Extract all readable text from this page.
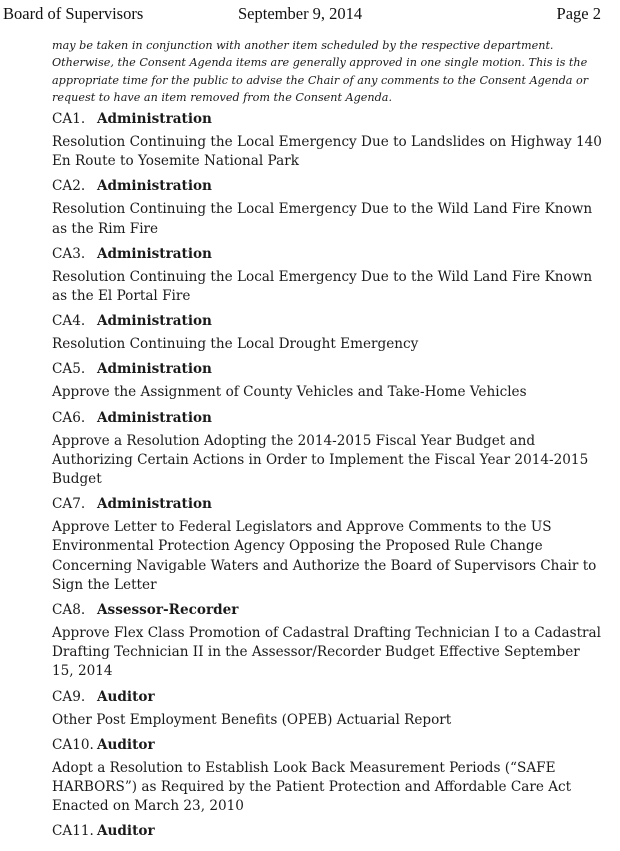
Board of Supervisors	September 9, 2014	Page 2
may be taken in conjunction with another item scheduled by the respective department. Otherwise, the Consent Agenda items are generally approved in one single motion. This is the appropriate time for the public to advise the Chair of any comments to the Consent Agenda or request to have an item removed from the Consent Agenda.
CA1. Administration
Resolution Continuing the Local Emergency Due to Landslides on Highway 140 En Route to Yosemite National Park
CA2. Administration
Resolution Continuing the Local Emergency Due to the Wild Land Fire Known as the Rim Fire
CA3. Administration
Resolution Continuing the Local Emergency Due to the Wild Land Fire Known as the El Portal Fire
CA4. Administration
Resolution Continuing the Local Drought Emergency
CA5. Administration
Approve the Assignment of County Vehicles and Take-Home Vehicles
CA6. Administration
Approve a Resolution Adopting the 2014-2015 Fiscal Year Budget and Authorizing Certain Actions in Order to Implement the Fiscal Year 2014-2015 Budget
CA7. Administration
Approve Letter to Federal Legislators and Approve Comments to the US Environmental Protection Agency Opposing the Proposed Rule Change Concerning Navigable Waters and Authorize the Board of Supervisors Chair to Sign the Letter
CA8. Assessor-Recorder
Approve Flex Class Promotion of Cadastral Drafting Technician I to a Cadastral Drafting Technician II in the Assessor/Recorder Budget Effective September 15, 2014
CA9. Auditor
Other Post Employment Benefits (OPEB) Actuarial Report
CA10. Auditor
Adopt a Resolution to Establish Look Back Measurement Periods (“SAFE HARBORS”) as Required by the Patient Protection and Affordable Care Act Enacted on March 23, 2010
CA11. Auditor
